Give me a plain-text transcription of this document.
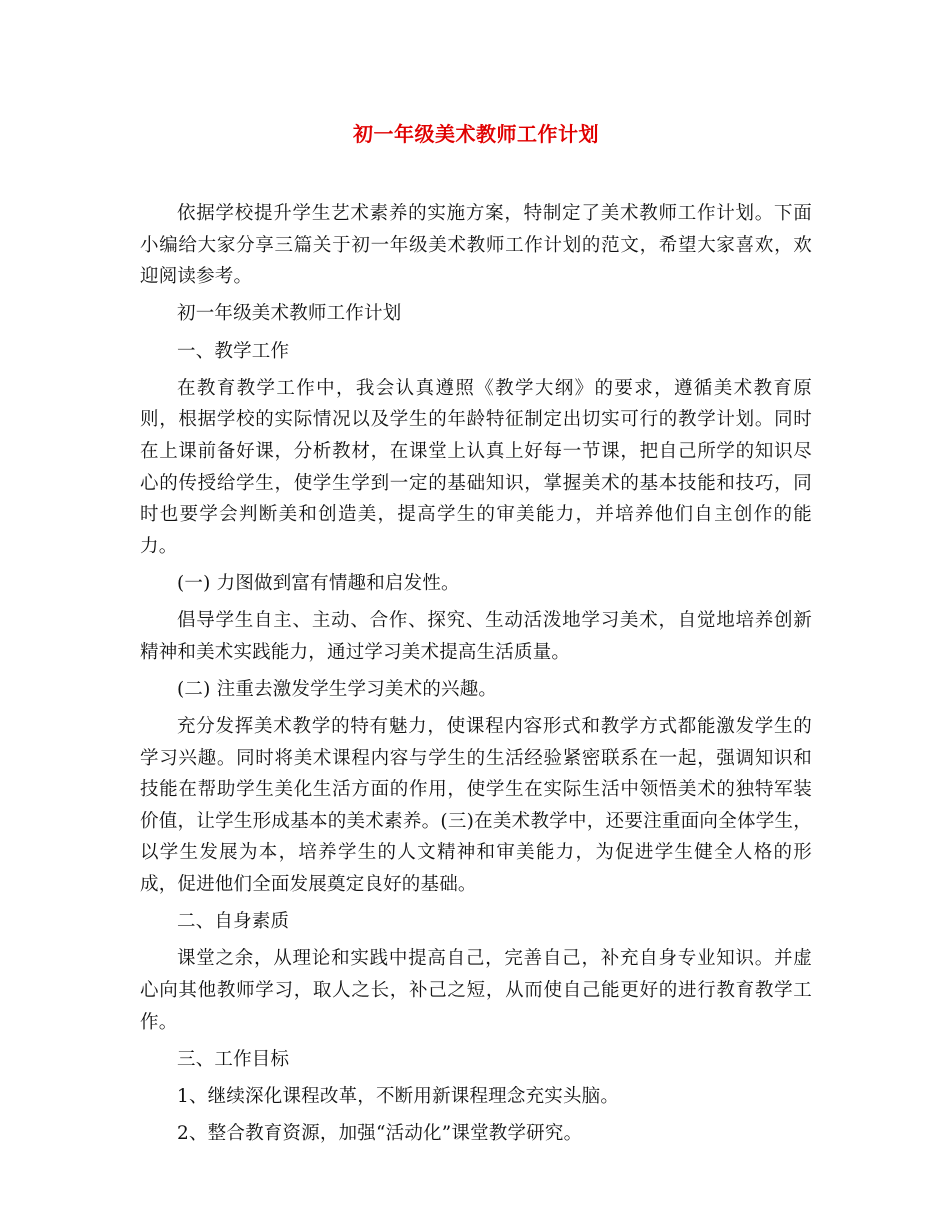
初一年级美术教师工作计划

依据学校提升学生艺术素养的实施方案，特制定了美术教师工作计划。下面小编给大家分享三篇关于初一年级美术教师工作计划的范文，希望大家喜欢，欢迎阅读参考。

初一年级美术教师工作计划

一、教学工作

在教育教学工作中，我会认真遵照《教学大纲》的要求，遵循美术教育原则，根据学校的实际情况以及学生的年龄特征制定出切实可行的教学计划。同时在上课前备好课，分析教材，在课堂上认真上好每一节课，把自己所学的知识尽心的传授给学生，使学生学到一定的基础知识，掌握美术的基本技能和技巧，同时也要学会判断美和创造美，提高学生的审美能力，并培养他们自主创作的能力。

(一) 力图做到富有情趣和启发性。

倡导学生自主、主动、合作、探究、生动活泼地学习美术，自觉地培养创新精神和美术实践能力，通过学习美术提高生活质量。

(二) 注重去激发学生学习美术的兴趣。

充分发挥美术教学的特有魅力，使课程内容形式和教学方式都能激发学生的学习兴趣。同时将美术课程内容与学生的生活经验紧密联系在一起，强调知识和技能在帮助学生美化生活方面的作用，使学生在实际生活中领悟美术的独特军装价值，让学生形成基本的美术素养。(三)在美术教学中，还要注重面向全体学生，以学生发展为本，培养学生的人文精神和审美能力，为促进学生健全人格的形成，促进他们全面发展奠定良好的基础。

二、自身素质

课堂之余，从理论和实践中提高自己，完善自己，补充自身专业知识。并虚心向其他教师学习，取人之长，补己之短，从而使自己能更好的进行教育教学工作。

三、工作目标

1、继续深化课程改革，不断用新课程理念充实头脑。

2、整合教育资源，加强“活动化”课堂教学研究。
